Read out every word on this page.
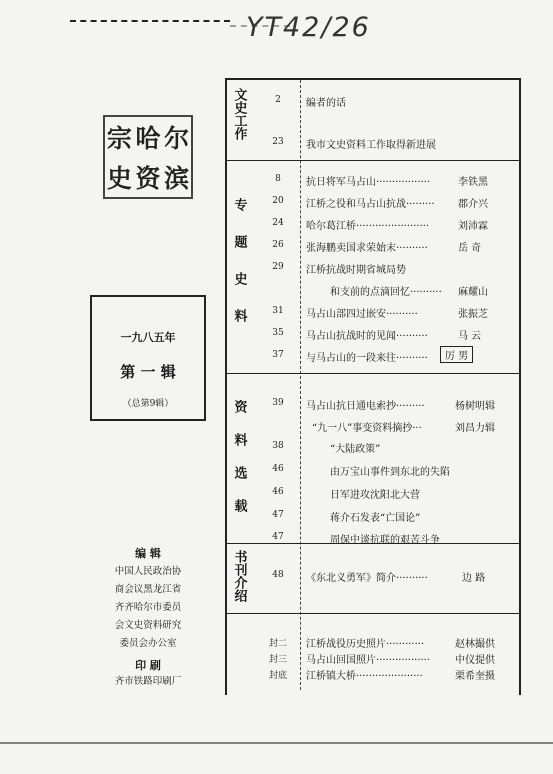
YT42/26
宗 哈 尔
史 资 滨
一九八五年
第 一 辑
（总第9辑）
编 辑
中国人民政治协
商会议黑龙江省
齐齐哈尔市委员
会文史资料研究
委员会办公室
印 刷
齐市铁路印刷厂
文史工作
专题史料
资料选载
书刊介绍
2	编者的话
23	我市文史资料工作取得新进展
8	抗日将军马占山·················	李铁黑
20	江桥之役和马占山抗战········· 郡介兴
24	哈尔葛江桥·······················	刘沛霖
26	张海鹏卖国求荣始末··········	岳 奇
29	江桥抗战时期省城局势
和支前的点滴回忆·········· 麻耀山
31	马占山部四过嵌安··········	张振芝
35	马占山抗战时的见闻··········	马 云
37	与马占山的一段来往··········	厉 男
39	马占山抗日通电索抄·········	杨树明辑
“九一八”事变资料摘抄···	刘昌力辑
38	“大陆政策”
46	由万宝山事件到东北的失陷
46	日军进攻沈阳北大营
47	蒋介石发表“亡国论”
47	周保中谈抗联的艰苦斗争
48	《东北义勇军》简介··········	边 路
封二	江桥战役历史照片············	赵林撮供
封三	马占山回国照片················· 中仪提供
封底	江桥镇大桥·····················	栗希奎摄
